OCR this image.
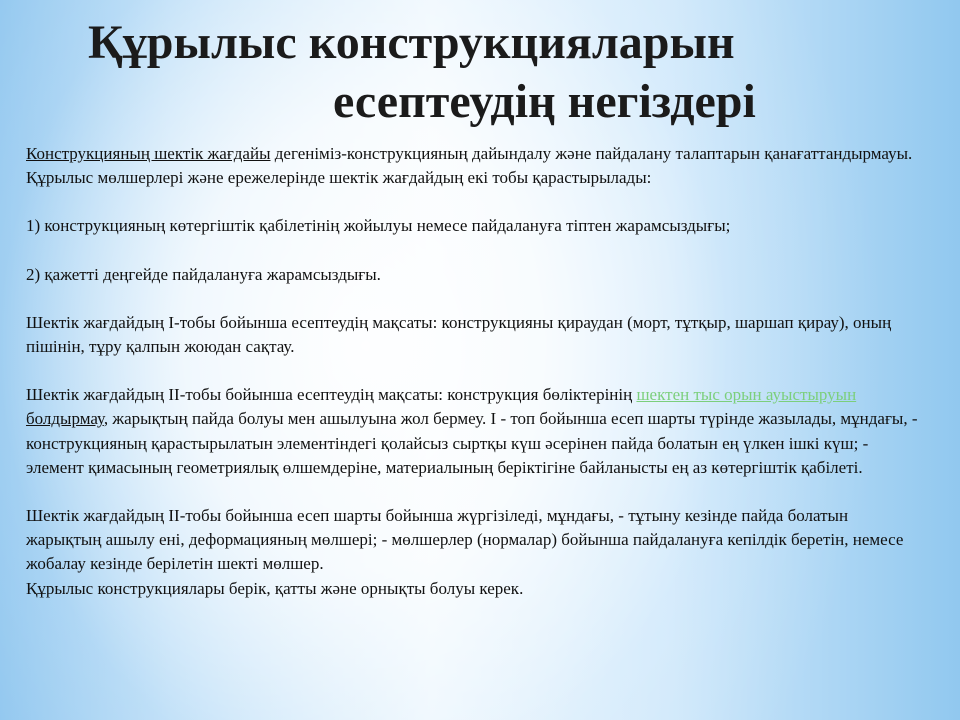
Құрылыс конструкцияларын
есептеудің негіздері

Конструкцияның шектік жағдайы дегеніміз-конструкцияның дайындалу және пайдалану талаптарын қанағаттандырмауы.

Құрылыс мөлшерлері және ережелерінде шектік жағдайдың екі тобы қарастырылады:

1) конструкцияның көтергіштік қабілетінің жойылуы немесе пайдалануға тіптен жарамсыздығы;

2) қажетті деңгейде пайдалануға жарамсыздығы.

Шектік жағдайдың I-тобы бойынша есептеудің мақсаты: конструкцияны қираудан (морт, тұтқыр, шаршап қирау), оның пішінін, тұру қалпын жоюдан сақтау.

Шектік жағдайдың II-тобы бойынша есептеудің мақсаты: конструкция бөліктерінің шектен тыс орын ауыстыруын болдырмау, жарықтың пайда болуы мен ашылуына жол бермеу. I - топ бойынша есеп шарты түрінде жазылады, мұндағы, - конструкцияның қарастырылатын элементіндегі қолайсыз сыртқы күш әсерінен пайда болатын ең үлкен ішкі күш; - элемент қимасының геометриялық өлшемдеріне, материалының беріктігіне байланысты ең аз көтергіштік қабілеті.

Шектік жағдайдың II-тобы бойынша есеп шарты бойынша жүргізіледі, мұндағы, - тұтыну кезінде пайда болатын жарықтың ашылу ені, деформацияның мөлшері; - мөлшерлер (нормалар) бойынша пайдалануға кепілдік беретін, немесе жобалау кезінде берілетін шекті мөлшер.

Құрылыс конструкциялары берік, қатты және орнықты болуы керек.
